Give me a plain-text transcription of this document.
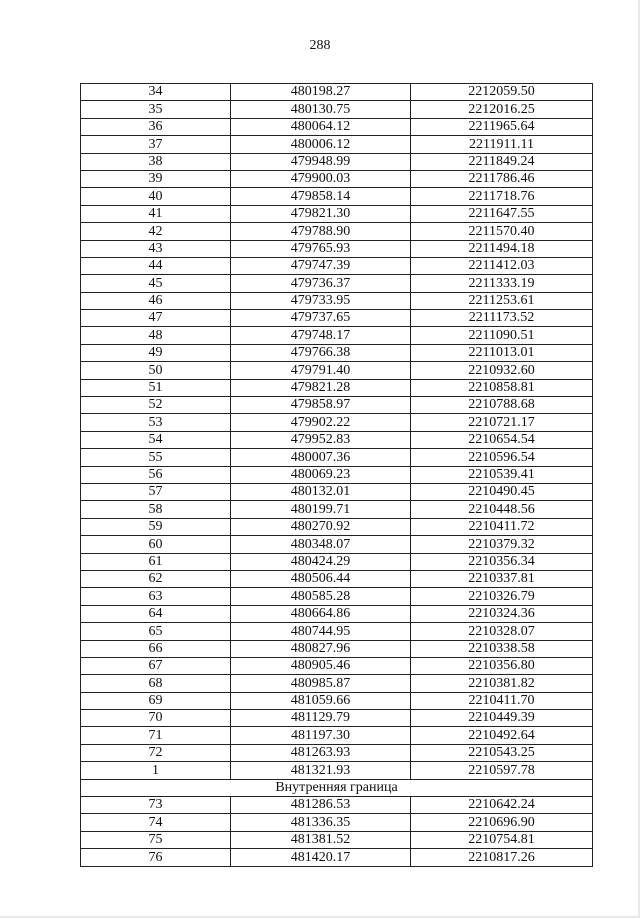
288
34	480198.27	2212059.50
35	480130.75	2212016.25
36	480064.12	2211965.64
37	480006.12	2211911.11
38	479948.99	2211849.24
39	479900.03	2211786.46
40	479858.14	2211718.76
41	479821.30	2211647.55
42	479788.90	2211570.40
43	479765.93	2211494.18
44	479747.39	2211412.03
45	479736.37	2211333.19
46	479733.95	2211253.61
47	479737.65	2211173.52
48	479748.17	2211090.51
49	479766.38	2211013.01
50	479791.40	2210932.60
51	479821.28	2210858.81
52	479858.97	2210788.68
53	479902.22	2210721.17
54	479952.83	2210654.54
55	480007.36	2210596.54
56	480069.23	2210539.41
57	480132.01	2210490.45
58	480199.71	2210448.56
59	480270.92	2210411.72
60	480348.07	2210379.32
61	480424.29	2210356.34
62	480506.44	2210337.81
63	480585.28	2210326.79
64	480664.86	2210324.36
65	480744.95	2210328.07
66	480827.96	2210338.58
67	480905.46	2210356.80
68	480985.87	2210381.82
69	481059.66	2210411.70
70	481129.79	2210449.39
71	481197.30	2210492.64
72	481263.93	2210543.25
1	481321.93	2210597.78
Внутренняя граница		
73	481286.53	2210642.24
74	481336.35	2210696.90
75	481381.52	2210754.81
76	481420.17	2210817.26
